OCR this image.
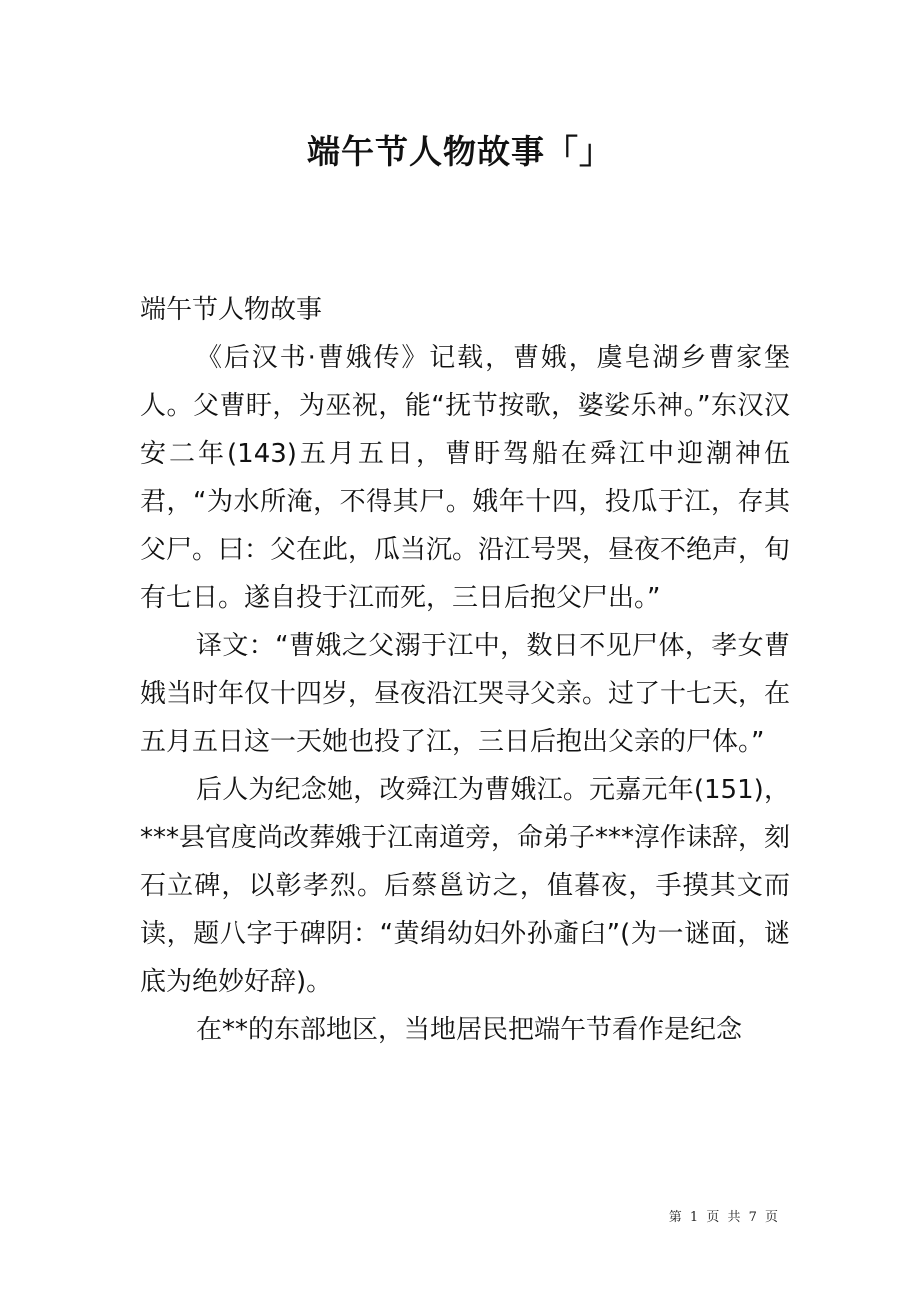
端午节人物故事「」

端午节人物故事

《后汉书·曹娥传》记载，曹娥，虞皂湖乡曹家堡人。父曹盱，为巫祝，能“抚节按歌，婆娑乐神。”东汉汉安二年(143)五月五日，曹盱驾船在舜江中迎潮神伍君，“为水所淹，不得其尸。娥年十四，投瓜于江，存其父尸。曰：父在此，瓜当沉。沿江号哭，昼夜不绝声，旬有七日。遂自投于江而死，三日后抱父尸出。”

译文：“曹娥之父溺于江中，数日不见尸体，孝女曹娥当时年仅十四岁，昼夜沿江哭寻父亲。过了十七天，在五月五日这一天她也投了江，三日后抱出父亲的尸体。”

后人为纪念她，改舜江为曹娥江。元嘉元年(151)，***县官度尚改葬娥于江南道旁，命弟子***淳作诔辞，刻石立碑，以彰孝烈。后蔡邕访之，值暮夜，手摸其文而读，题八字于碑阴：“黄绢幼妇外孙齑臼”(为一谜面，谜底为绝妙好辞)。

在**的东部地区，当地居民把端午节看作是纪念

第 1 页 共 7 页
